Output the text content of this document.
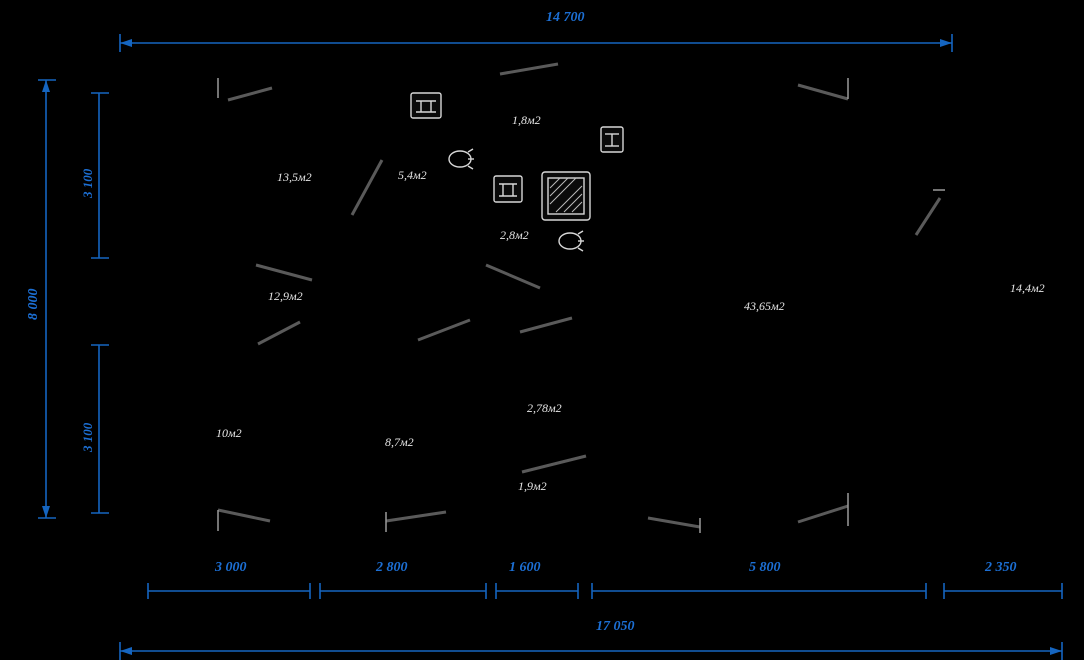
14 700
8 000
3 100
3 100
3 000	2 800	1 600	5 800	2 350
17 050
13,5м2
1,8м2
5,4м2
2,8м2
12,9м2
43,65м2
14,4м2
2,78м2
10м2
8,7м2
1,9м2
